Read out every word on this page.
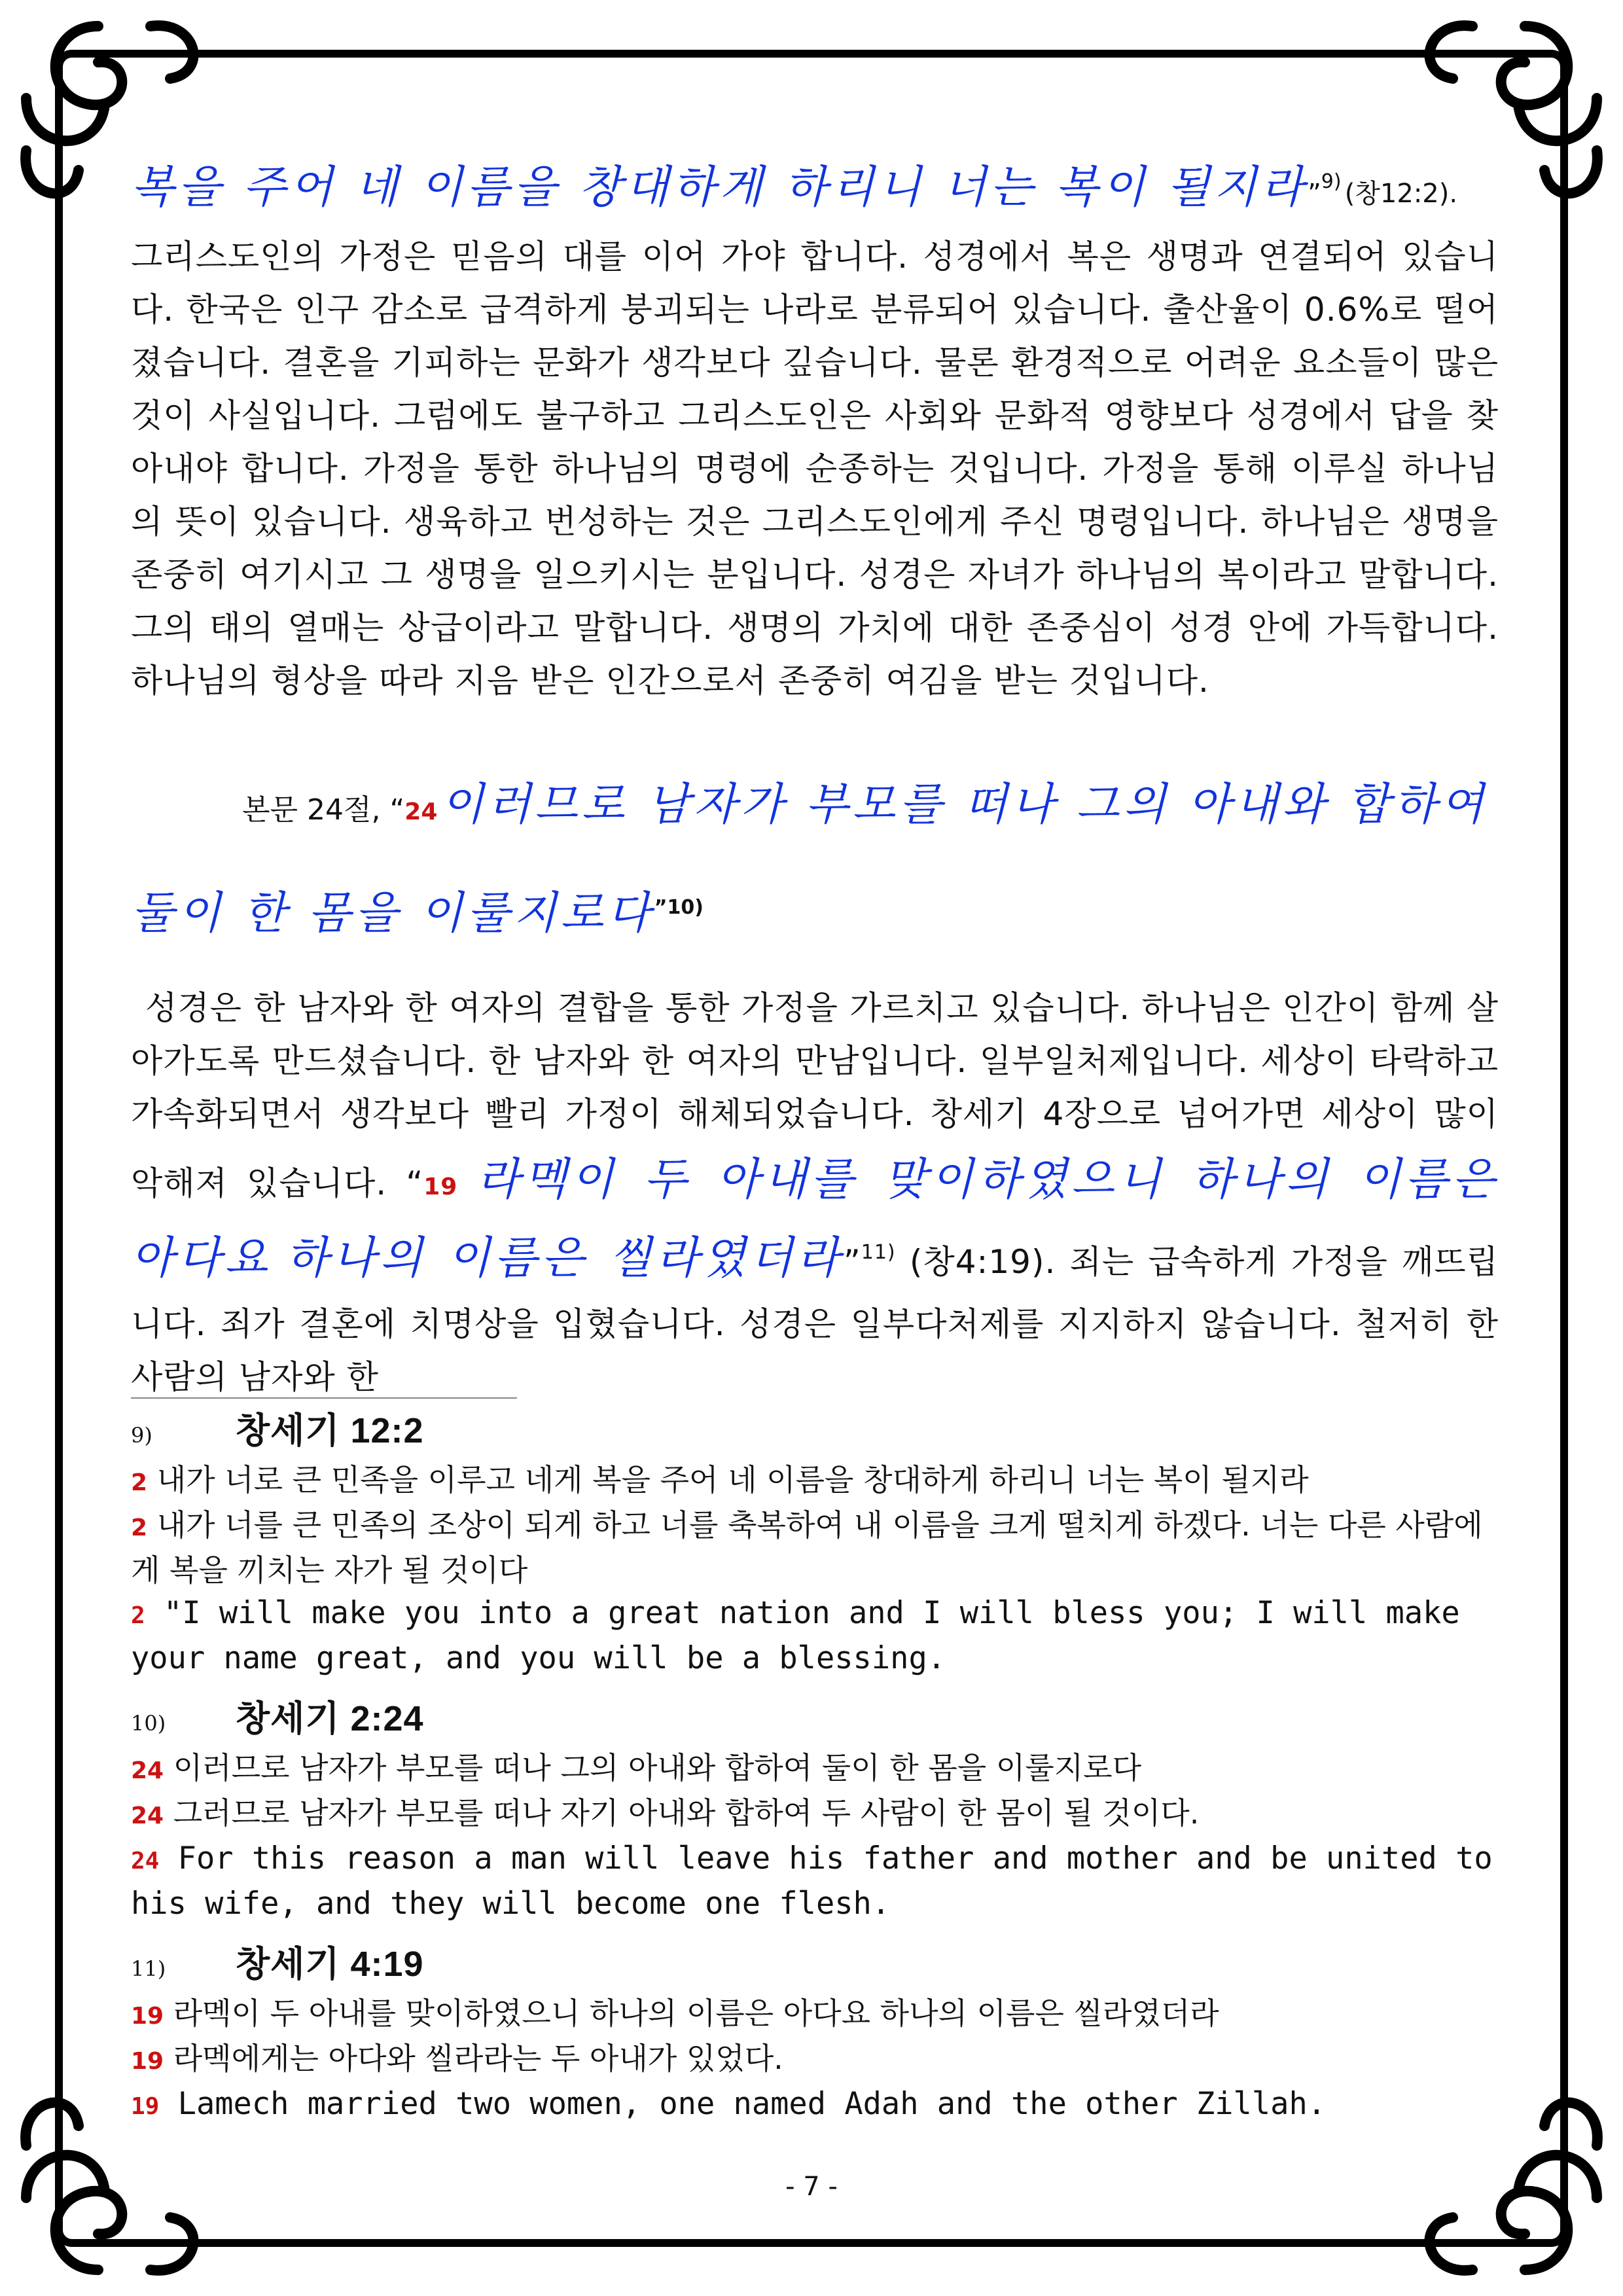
복을 주어 네 이름을 창대하게 하리니 너는 복이 될지라”9) (창12:2).
그리스도인의 가정은 믿음의 대를 이어 가야 합니다. 성경에서 복은 생명과 연결되어 있습니다. 한국은 인구 감소로 급격하게 붕괴되는 나라로 분류되어 있습니다. 출산율이 0.6%로 떨어졌습니다. 결혼을 기피하는 문화가 생각보다 깊습니다. 물론 환경적으로 어려운 요소들이 많은 것이 사실입니다. 그럼에도 불구하고 그리스도인은 사회와 문화적 영향보다 성경에서 답을 찾아내야 합니다. 가정을 통한 하나님의 명령에 순종하는 것입니다. 가정을 통해 이루실 하나님의 뜻이 있습니다. 생육하고 번성하는 것은 그리스도인에게 주신 명령입니다. 하나님은 생명을 존중히 여기시고 그 생명을 일으키시는 분입니다. 성경은 자녀가 하나님의 복이라고 말합니다. 그의 태의 열매는 상급이라고 말합니다. 생명의 가치에 대한 존중심이 성경 안에 가득합니다. 하나님의 형상을 따라 지음 받은 인간으로서 존중히 여김을 받는 것입니다.
본문 24절, “24 이러므로 남자가 부모를 떠나 그의 아내와 합하여
둘이 한 몸을 이룰지로다”10)
성경은 한 남자와 한 여자의 결합을 통한 가정을 가르치고 있습니다. 하나님은 인간이 함께 살아가도록 만드셨습니다. 한 남자와 한 여자의 만남입니다. 일부일처제입니다. 세상이 타락하고 가속화되면서 생각보다 빨리 가정이 해체되었습니다. 창세기 4장으로 넘어가면 세상이 많이 악해져 있습니다. “19 라멕이 두 아내를 맞이하였으니 하나의 이름은 아다요 하나의 이름은 씰라였더라”$^{11)}$ (창4:19). 죄는 급속하게 가정을 깨뜨립니다. 죄가 결혼에 치명상을 입혔습니다. 성경은 일부다처제를 지지하지 않습니다. 철저히 한 사람의 남자와 한
9) 창세기 12:2

2 내가 너로 큰 민족을 이루고 네게 복을 주어 네 이름을 창대하게 하리니 너는 복이 될지라

2 내가 너를 큰 민족의 조상이 되게 하고 너를 축복하여 내 이름을 크게 떨치게 하겠다. 너는 다른 사람에게 복을 끼치는 자가 될 것이다

2 "I will make you into a great nation and I will bless you; I will make your name great, and you will be a blessing.

10) 창세기 2:24

24 이러므로 남자가 부모를 떠나 그의 아내와 합하여 둘이 한 몸을 이룰지로다

24 그러므로 남자가 부모를 떠나 자기 아내와 합하여 두 사람이 한 몸이 될 것이다.

24 For this reason a man will leave his father and mother and be united to his wife, and they will become one flesh.

11) 창세기 4:19

19 라멕이 두 아내를 맞이하였으니 하나의 이름은 아다요 하나의 이름은 씰라였더라

19 라멕에게는 아다와 씰라라는 두 아내가 있었다.

19 Lamech married two women, one named Adah and the other Zillah.

- 7 -
